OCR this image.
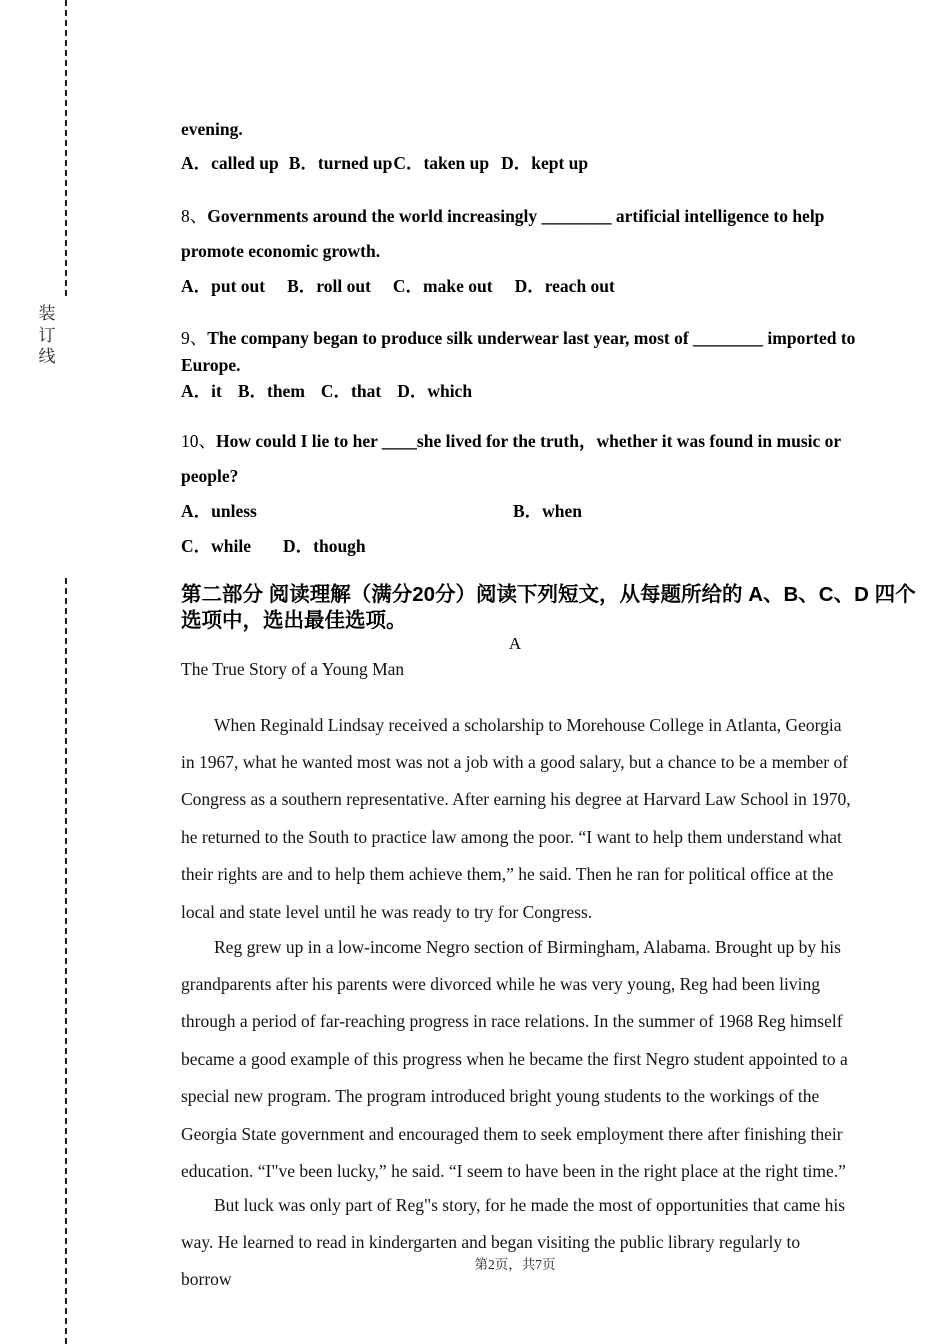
装
订
线
evening.
A．called up B．turned upC．taken up D．kept up
8、Governments around the world increasingly ________ artificial intelligence to help
promote economic growth.
A．put out B．roll out C．make out D．reach out
9、The company began to produce silk underwear last year, most of ________ imported to
Europe.
A．it B．them C．that D．which
10、How could I lie to her ____she lived for the truth，whether it was found in music or
people?
A．unless	B．when
C．while D．though
第二部分 阅读理解（满分20分）阅读下列短文，从每题所给的 A、B、C、D 四个
选项中，选出最佳选项。
A
The True Story of a Young Man

When Reginald Lindsay received a scholarship to Morehouse College in Atlanta, Georgia in 1967, what he wanted most was not a job with a good salary, but a chance to be a member of Congress as a southern representative. After earning his degree at Harvard Law School in 1970, he returned to the South to practice law among the poor. “I want to help them understand what their rights are and to help them achieve them,” he said. Then he ran for political office at the local and state level until he was ready to try for Congress.

Reg grew up in a low-income Negro section of Birmingham, Alabama. Brought up by his grandparents after his parents were divorced while he was very young, Reg had been living through a period of far-reaching progress in race relations. In the summer of 1968 Reg himself became a good example of this progress when he became the first Negro student appointed to a special new program. The program introduced bright young students to the workings of the Georgia State government and encouraged them to seek employment there after finishing their education. “I"ve been lucky,” he said. “I seem to have been in the right place at the right time.”

But luck was only part of Reg"s story, for he made the most of opportunities that came his way. He learned to read in kindergarten and began visiting the public library regularly to borrow

第2页，共7页
